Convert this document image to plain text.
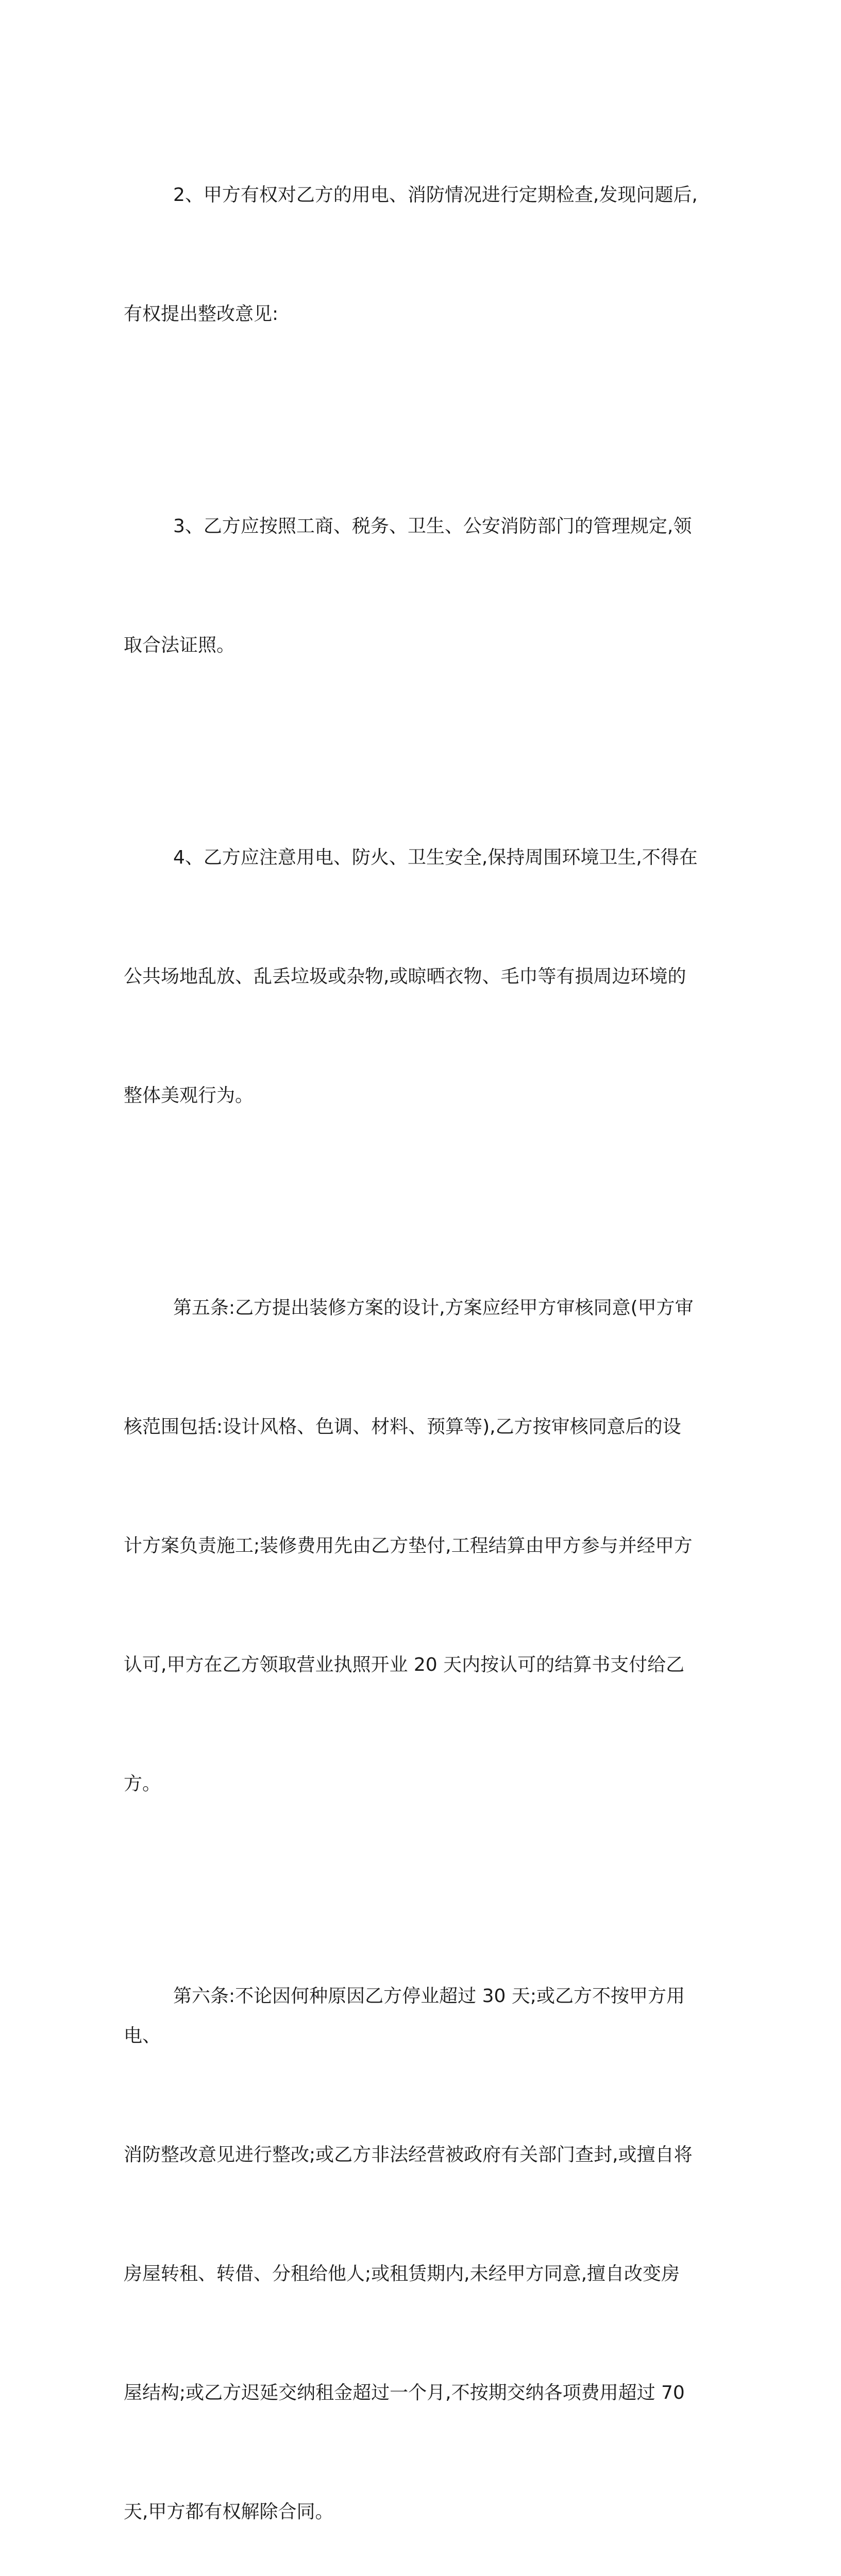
2、甲方有权对乙方的用电、消防情况进行定期检查,发现问题后,

有权提出整改意见:

3、乙方应按照工商、税务、卫生、公安消防部门的管理规定,领

取合法证照。

4、乙方应注意用电、防火、卫生安全,保持周围环境卫生,不得在

公共场地乱放、乱丢垃圾或杂物,或晾晒衣物、毛巾等有损周边环境的

整体美观行为。

第五条:乙方提出装修方案的设计,方案应经甲方审核同意(甲方审

核范围包括:设计风格、色调、材料、预算等),乙方按审核同意后的设

计方案负责施工;装修费用先由乙方垫付,工程结算由甲方参与并经甲方

认可,甲方在乙方领取营业执照开业 20 天内按认可的结算书支付给乙

方。

第六条:不论因何种原因乙方停业超过 30 天;或乙方不按甲方用电、

消防整改意见进行整改;或乙方非法经营被政府有关部门查封,或擅自将

房屋转租、转借、分租给他人;或租赁期内,未经甲方同意,擅自改变房

屋结构;或乙方迟延交纳租金超过一个月,不按期交纳各项费用超过 70

天,甲方都有权解除合同。
